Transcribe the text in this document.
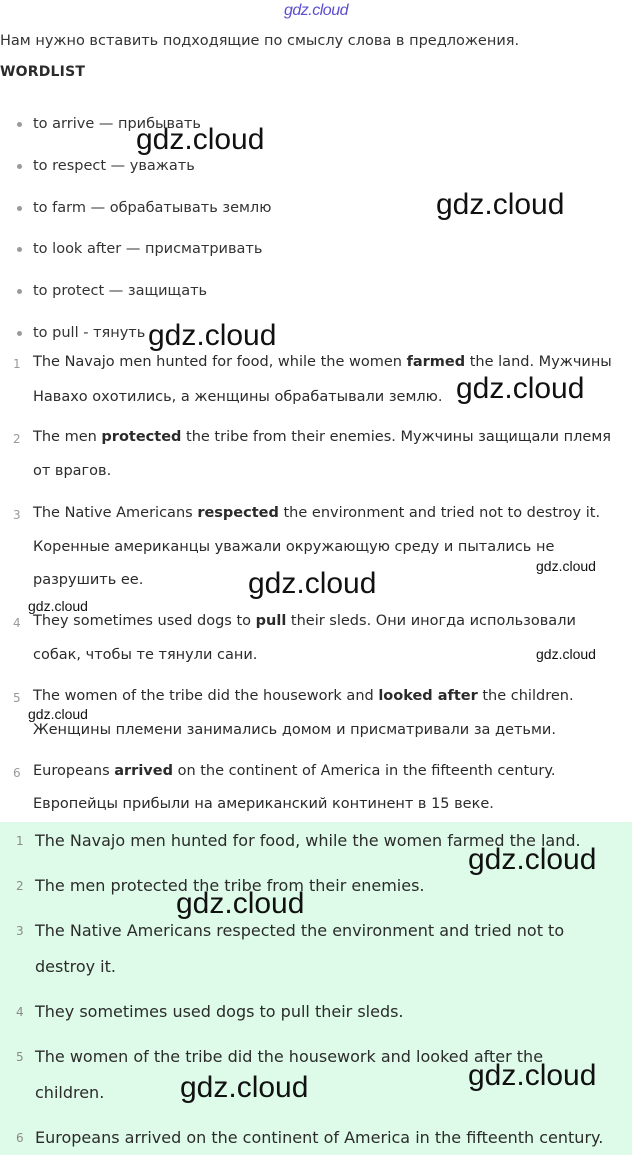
gdz.cloud
Нам нужно вставить подходящие по смыслу слова в предложения.
WORDLIST
to arrive — прибывать
to respect — уважать
to farm — обрабатывать землю
to look after — присматривать
to protect — защищать
to pull - тянуть
1 The Navajo men hunted for food, while the women farmed the land. Мужчины
Навахо охотились, а женщины обрабатывали землю.
2 The men protected the tribe from their enemies. Мужчины защищали племя
от врагов.
3 The Native Americans respected the environment and tried not to destroy it.
Коренные американцы уважали окружающую среду и пытались не
разрушить ее.
4 They sometimes used dogs to pull their sleds. Они иногда использовали
собак, чтобы те тянули сани.
5 The women of the tribe did the housework and looked after the children.
Женщины племени занимались домом и присматривали за детьми.
6 Europeans arrived on the continent of America in the fifteenth century.
Европейцы прибыли на американский континент в 15 веке.
1 The Navajo men hunted for food, while the women farmed the land.
2 The men protected the tribe from their enemies.
3 The Native Americans respected the environment and tried not to
destroy it.
4 They sometimes used dogs to pull their sleds.
5 The women of the tribe did the housework and looked after the
children.
6 Europeans arrived on the continent of America in the fifteenth century.
gdz.cloud
gdz.cloud
gdz.cloud
gdz.cloud
gdz.cloud
gdz.cloud
gdz.cloud
gdz.cloud
gdz.cloud
gdz.cloud
gdz.cloud
gdz.cloud
gdz.cloud
